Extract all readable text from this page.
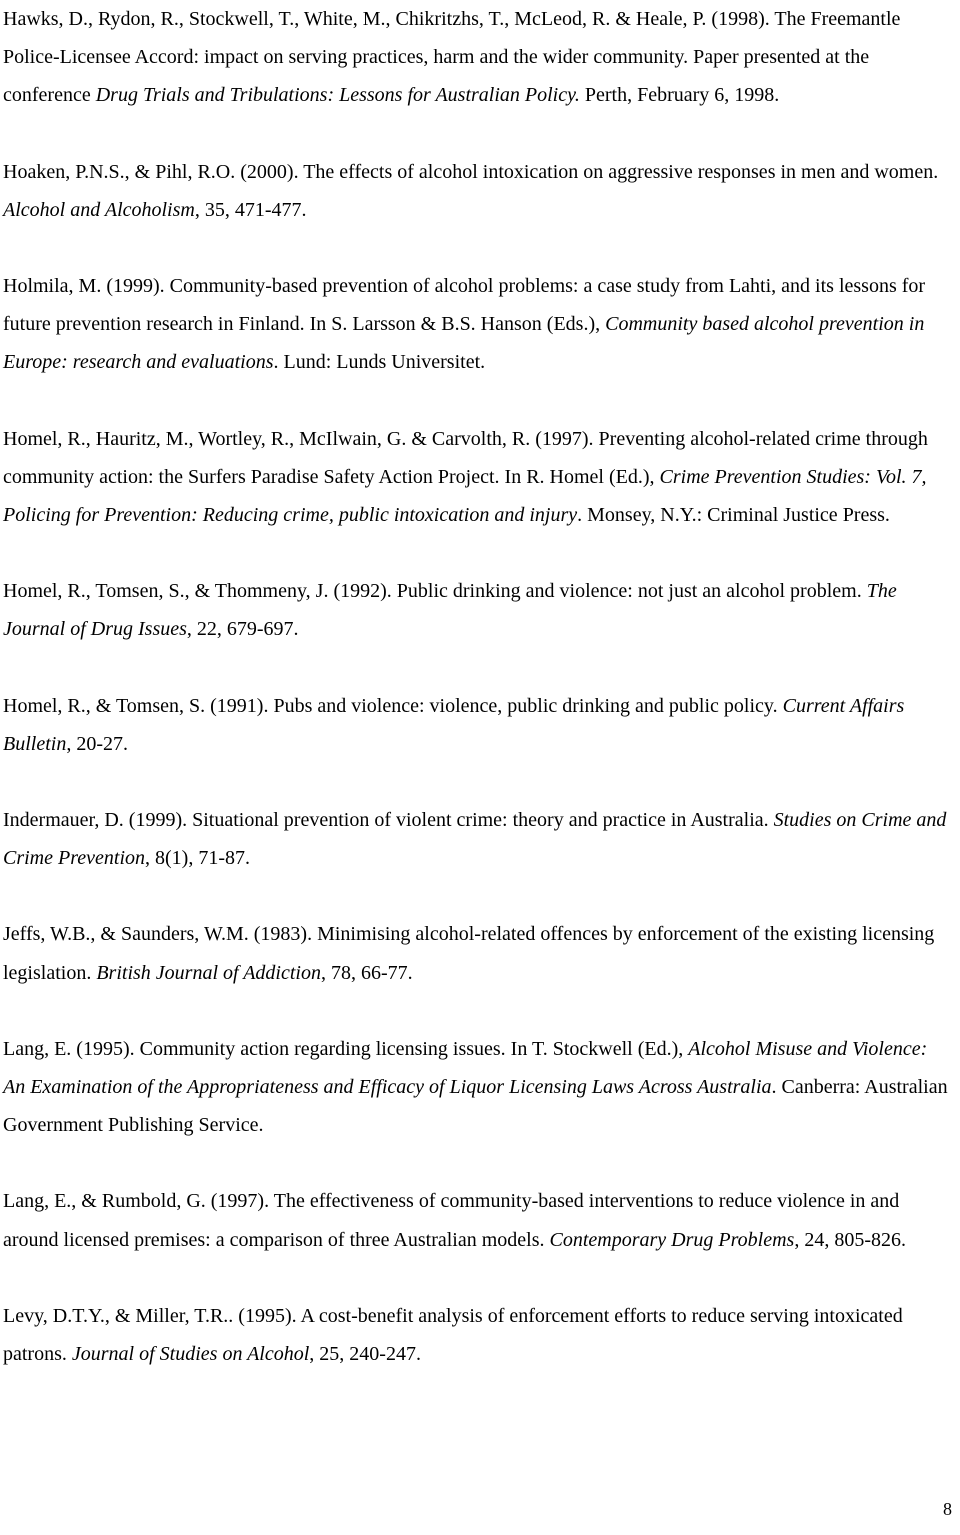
Hawks, D., Rydon, R., Stockwell, T., White, M., Chikritzhs, T., McLeod, R. & Heale, P. (1998). The Freemantle Police-Licensee Accord: impact on serving practices, harm and the wider community. Paper presented at the conference Drug Trials and Tribulations: Lessons for Australian Policy. Perth, February 6, 1998.

Hoaken, P.N.S., & Pihl, R.O. (2000). The effects of alcohol intoxication on aggressive responses in men and women. Alcohol and Alcoholism, 35, 471-477.

Holmila, M. (1999). Community-based prevention of alcohol problems: a case study from Lahti, and its lessons for future prevention research in Finland. In S. Larsson & B.S. Hanson (Eds.), Community based alcohol prevention in Europe: research and evaluations. Lund: Lunds Universitet.

Homel, R., Hauritz, M., Wortley, R., McIlwain, G. & Carvolth, R. (1997). Preventing alcohol-related crime through community action: the Surfers Paradise Safety Action Project. In R. Homel (Ed.), Crime Prevention Studies: Vol. 7, Policing for Prevention: Reducing crime, public intoxication and injury. Monsey, N.Y.: Criminal Justice Press.

Homel, R., Tomsen, S., & Thommeny, J. (1992). Public drinking and violence: not just an alcohol problem. The Journal of Drug Issues, 22, 679-697.

Homel, R., & Tomsen, S. (1991). Pubs and violence: violence, public drinking and public policy. Current Affairs Bulletin, 20-27.

Indermauer, D. (1999). Situational prevention of violent crime: theory and practice in Australia. Studies on Crime and Crime Prevention, 8(1), 71-87.

Jeffs, W.B., & Saunders, W.M. (1983). Minimising alcohol-related offences by enforcement of the existing licensing legislation. British Journal of Addiction, 78, 66-77.

Lang, E. (1995). Community action regarding licensing issues. In T. Stockwell (Ed.), Alcohol Misuse and Violence: An Examination of the Appropriateness and Efficacy of Liquor Licensing Laws Across Australia. Canberra: Australian Government Publishing Service.

Lang, E., & Rumbold, G. (1997). The effectiveness of community-based interventions to reduce violence in and around licensed premises: a comparison of three Australian models. Contemporary Drug Problems, 24, 805-826.

Levy, D.T.Y., & Miller, T.R.. (1995). A cost-benefit analysis of enforcement efforts to reduce serving intoxicated patrons. Journal of Studies on Alcohol, 25, 240-247.

8
